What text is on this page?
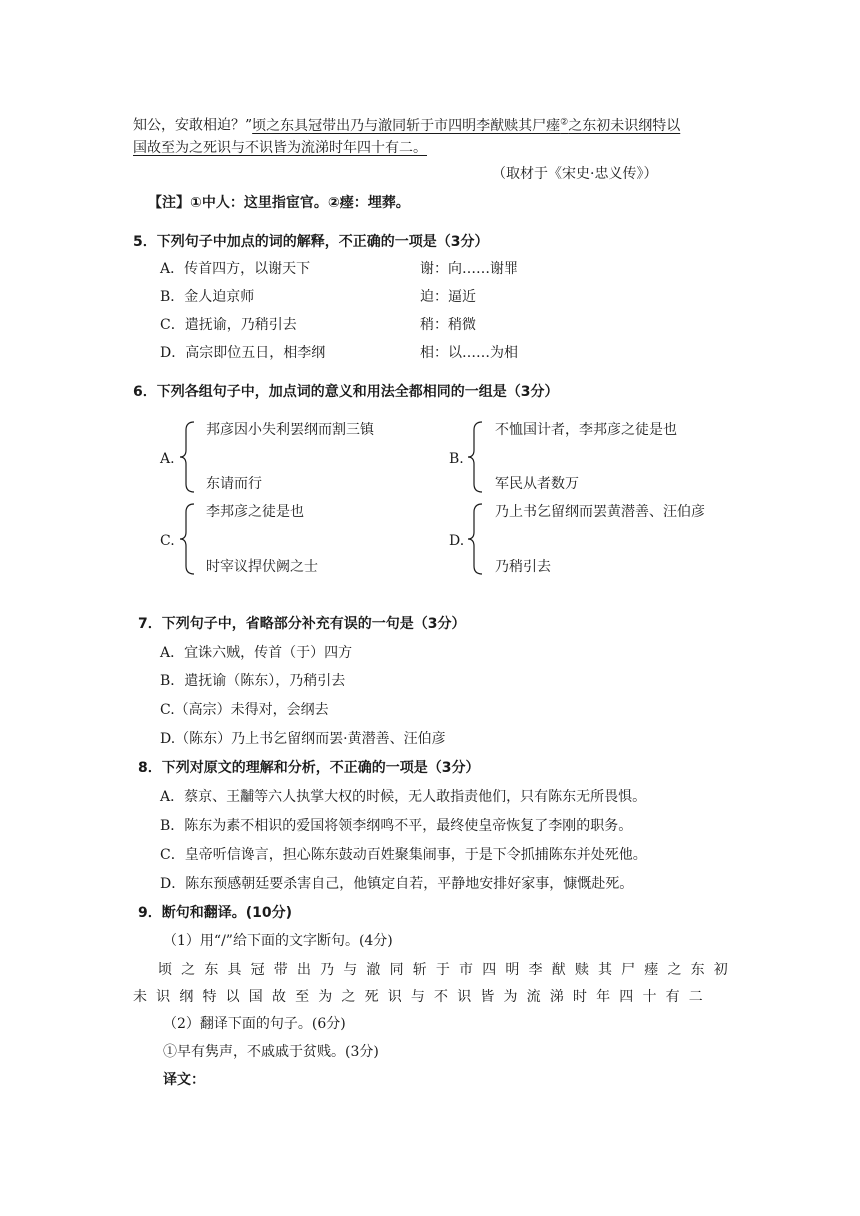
知公，安敢相迫？”顷之东具冠带出乃与澈同斩于市四明李猷赎其尸瘗②之东初未识纲特以
国故至为之死识与不识皆为流涕时年四十有二。
（取材于《宋史·忠义传》）
【注】①中人：这里指宦官。②瘗：埋葬。
5．下列句子中加点的词的解释，不正确的一项是（3分）
A．传首四方，以谢天下	谢：向……谢罪
B．金人迫京师	迫：逼近
C．遣抚谕，乃稍引去	稍：稍微
D．高宗即位五日，相李纲	相：以……为相
6．下列各组句子中，加点词的意义和用法全都相同的一组是（3分）
A.
邦彦因小失利罢纲而割三镇
东请而行
B.
不恤国计者，李邦彦之徒是也
军民从者数万
C.
李邦彦之徒是也
时宰议捍伏阙之士
D.
乃上书乞留纲而罢黄潜善、汪伯彦
乃稍引去
7．下列句子中，省略部分补充有误的一句是（3分）
A．宜诛六贼，传首（于）四方
B．遣抚谕（陈东），乃稍引去
C.（高宗）未得对，会纲去
D.（陈东）乃上书乞留纲而罢·黄潜善、汪伯彦
8．下列对原文的理解和分析，不正确的一项是（3分）
A．蔡京、王黼等六人执掌大权的时候，无人敢指责他们，只有陈东无所畏惧。
B．陈东为素不相识的爱国将领李纲鸣不平，最终使皇帝恢复了李刚的职务。
C．皇帝听信谗言，担心陈东鼓动百姓聚集闹事，于是下令抓捕陈东并处死他。
D．陈东预感朝廷要杀害自己，他镇定自若，平静地安排好家事，慷慨赴死。
9．断句和翻译。(10分)
（1）用“/”给下面的文字断句。(4分)
顷 之 东 具 冠 带 出 乃 与 澈 同 斩 于 市 四 明 李 猷 赎 其 尸 瘗 之 东 初
未 识 纲 特 以 国 故 至 为 之 死 识 与 不 识 皆 为 流 涕 时 年 四 十 有 二
（2）翻译下面的句子。(6分)
①早有隽声，不戚戚于贫贱。(3分)
译文：
